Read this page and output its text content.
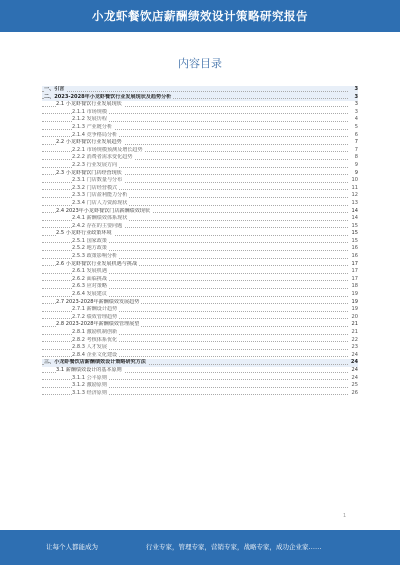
小龙虾餐饮店薪酬绩效设计策略研究报告
内容目录
一、引言	3
二、2023-2028年小龙虾餐饮行业发展现状及趋势分析	3
2.1 小龙虾餐饮行业发展现状	3
2.1.1 市场规模	3
2.1.2 发展历程	4
2.1.3 产业链分析	5
2.1.4 竞争格局分析	6
2.2 小龙虾餐饮行业发展趋势	7
2.2.1 市场规模预测及增长趋势	7
2.2.2 消费者需求变化趋势	8
2.2.3 行业发展方向	9
2.3 小龙虾餐饮门店经营现状	9
2.3.1 门店数量与分布	10
2.3.2 门店经营模式	11
2.3.3 门店盈利能力分析	12
2.3.4 门店人力资源现状	13
2.4 2023年小龙虾餐饮门店薪酬绩效现状	14
2.4.1 薪酬绩效体系现状	14
2.4.2 存在的主要问题	15
2.5 小龙虾行业政策环境	15
2.5.1 国家政策	15
2.5.2 地方政策	16
2.5.3 政策影响分析	16
2.6 小龙虾餐饮行业发展机遇与挑战	17
2.6.1 发展机遇	17
2.6.2 面临挑战	17
2.6.3 应对策略	18
2.6.4 发展建议	19
2.7 2023-2028年薪酬绩效发展趋势	19
2.7.1 薪酬设计趋势	19
2.7.2 绩效管理趋势	20
2.8 2023-2028年薪酬绩效管理展望	21
2.8.1 激励机制创新	21
2.8.2 考核体系优化	22
2.8.3 人才发展	23
2.8.4 企业文化建设	24
三、小龙虾餐饮店薪酬绩效设计策略研究方法	24
3.1 薪酬绩效设计的基本原则	24
3.1.1 公平原则	24
3.1.2 激励原则	25
3.1.3 经济原则	26
1
让每个人都能成为	行业专家，管理专家，营销专家，战略专家，成功企业家……
